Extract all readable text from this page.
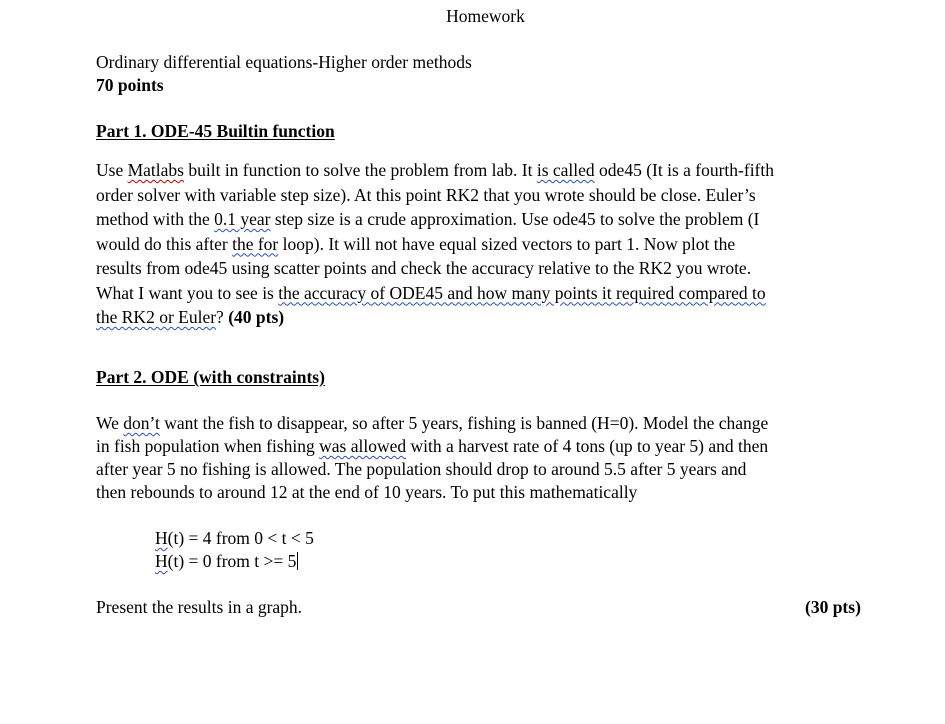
Homework
Ordinary differential equations-Higher order methods
70 points
Part 1. ODE-45 Builtin function
Use Matlabs built in function to solve the problem from lab. It is called ode45 (It is a fourth-fifth
order solver with variable step size). At this point RK2 that you wrote should be close. Euler’s
method with the 0.1 year step size is a crude approximation. Use ode45 to solve the problem (I
would do this after the for loop). It will not have equal sized vectors to part 1. Now plot the
results from ode45 using scatter points and check the accuracy relative to the RK2 you wrote.
What I want you to see is the accuracy of ODE45 and how many points it required compared to
the RK2 or Euler? (40 pts)
Part 2. ODE (with constraints)
We don’t want the fish to disappear, so after 5 years, fishing is banned (H=0). Model the change
in fish population when fishing was allowed with a harvest rate of 4 tons (up to year 5) and then
after year 5 no fishing is allowed. The population should drop to around 5.5 after 5 years and
then rebounds to around 12 at the end of 10 years. To put this mathematically
H(t) = 4 from 0 < t < 5
H(t) = 0 from t >= 5
Present the results in a graph.	(30 pts)
